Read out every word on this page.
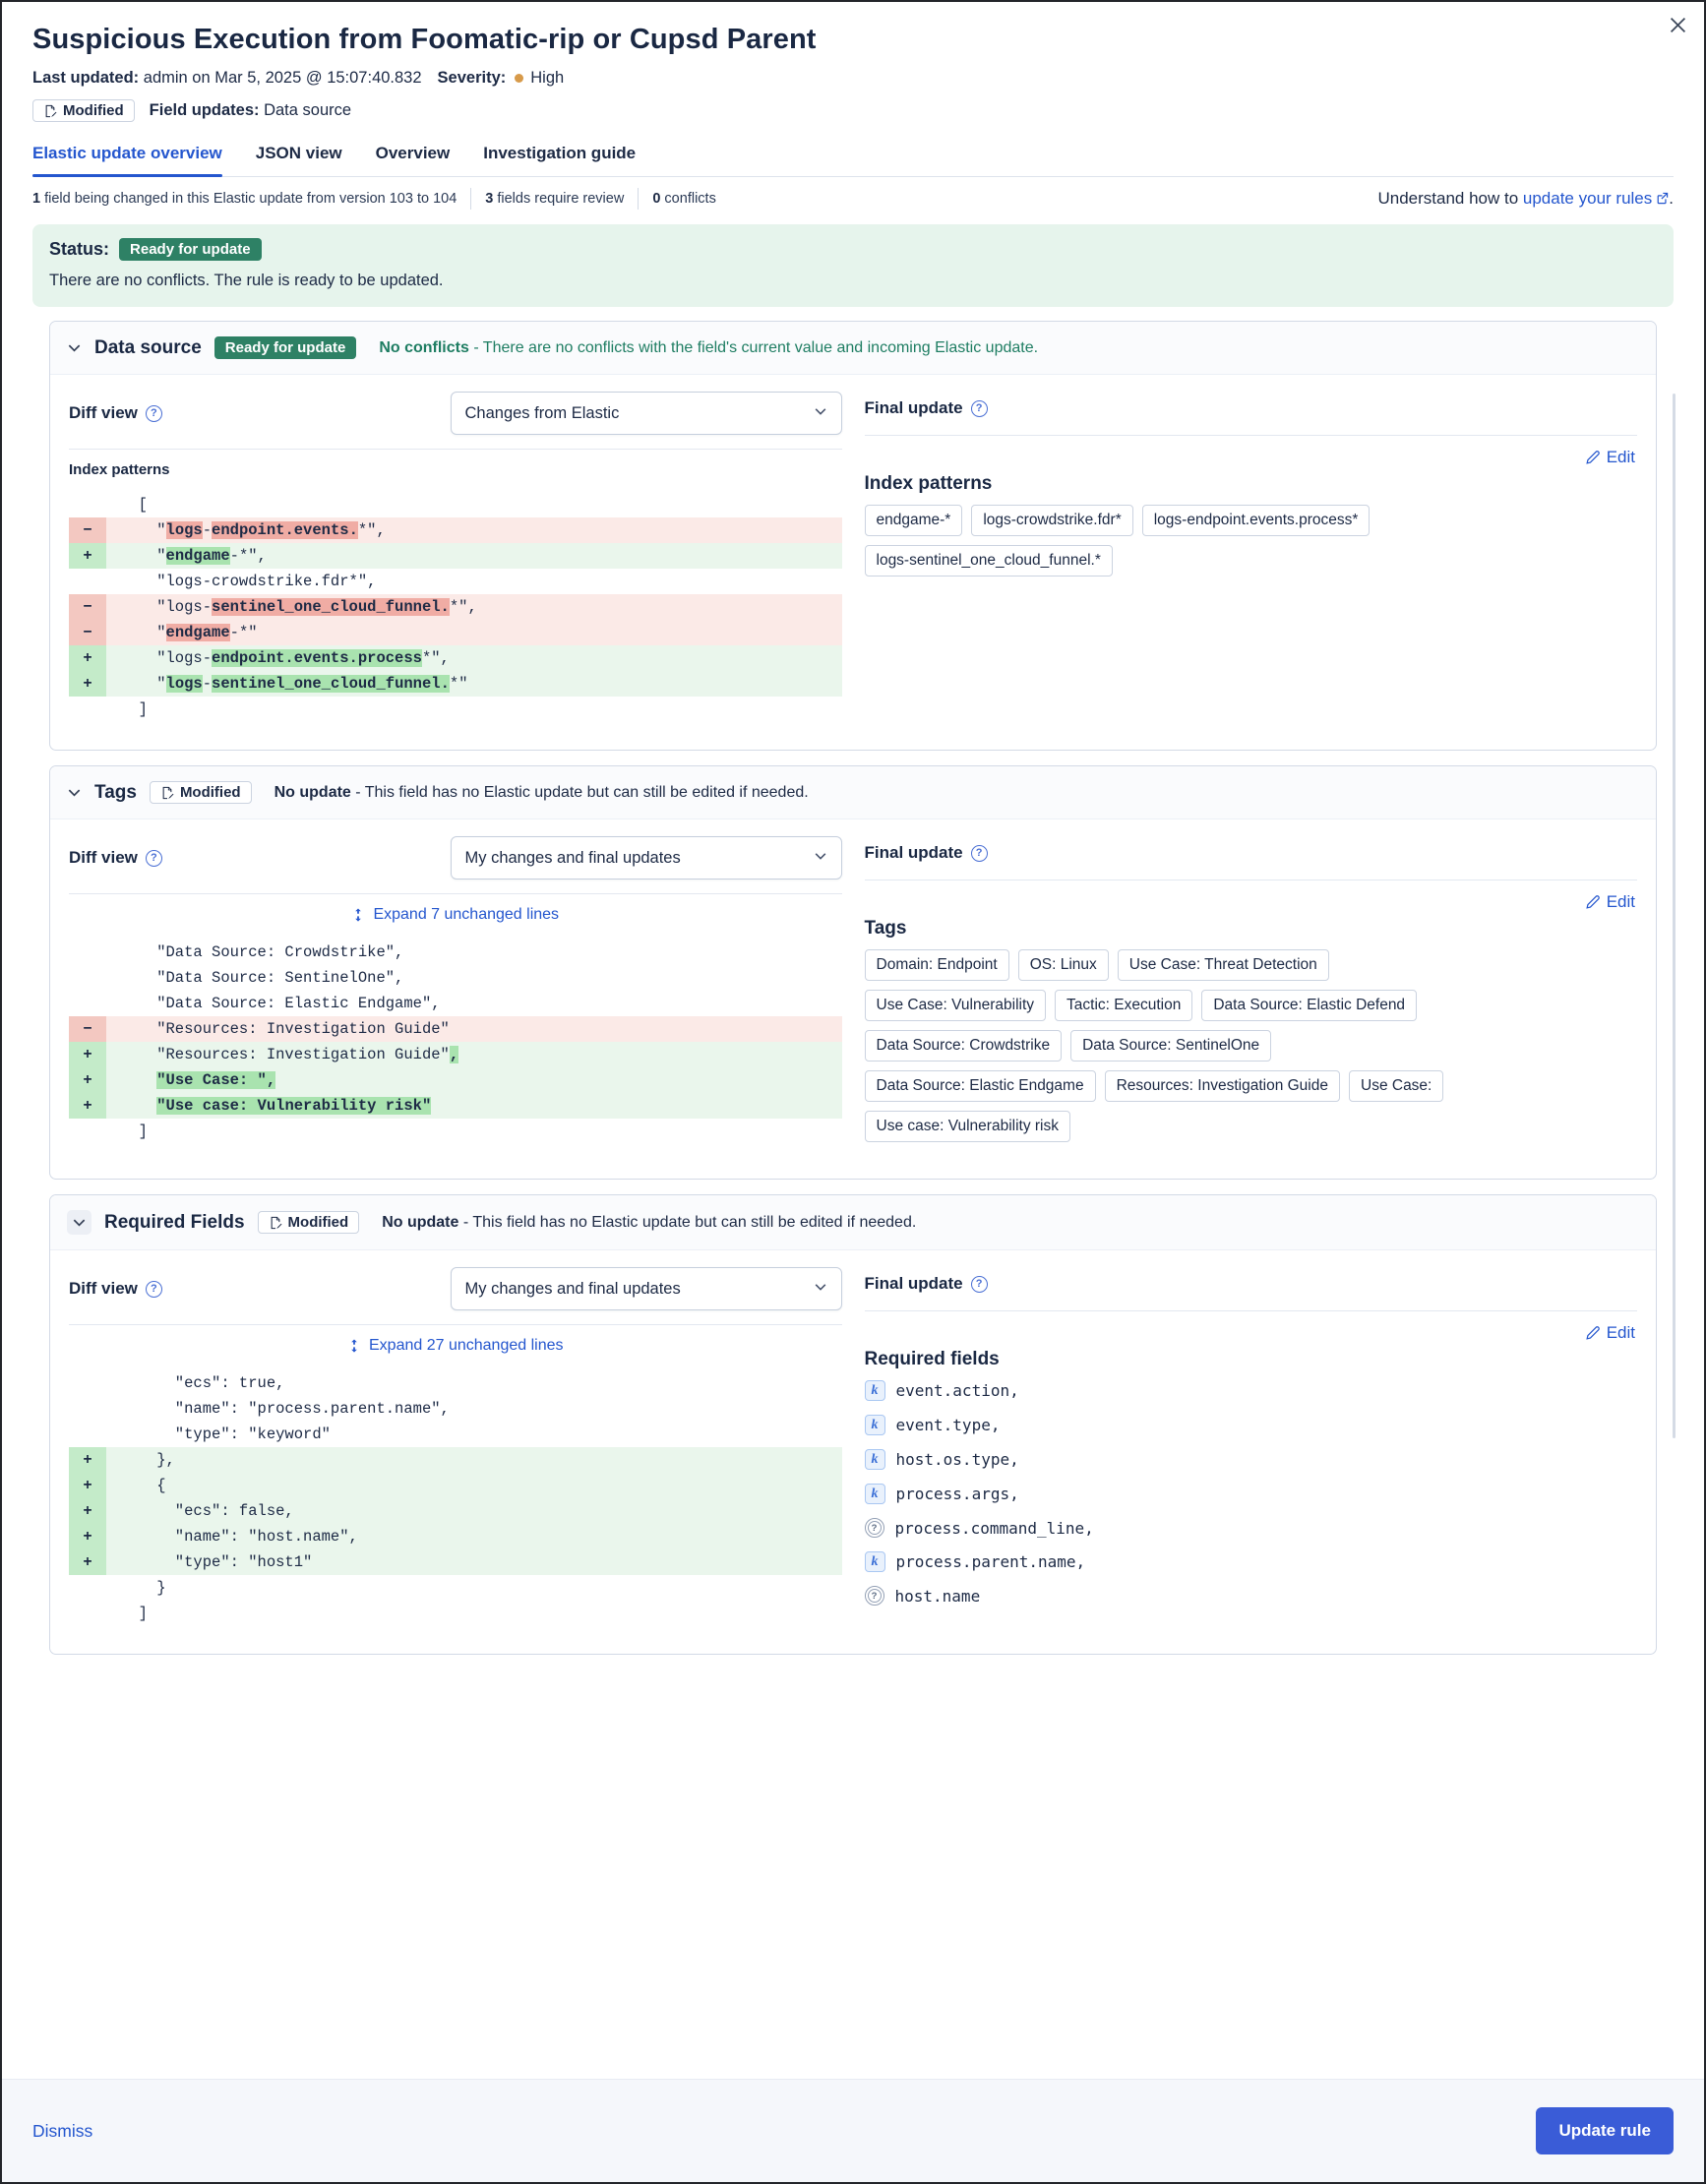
Suspicious Execution from Foomatic-rip or Cupsd Parent
Last updated:
admin on Mar 5, 2025 @ 15:07:40.832 Severity: High
Modified Field updates: Data source
Elastic update overview JSON view Overview Investigation guide
1 field being changed in this Elastic update from version 103 to 104 3 fields require review 0 conflicts	Understand how to update your rules .
Status:	Ready for update
There are no conflicts. The rule is ready to be updated.
Data source	Ready for update	No conflicts - There are no conflicts with the field's current value and incoming Elastic update.
Diff view	?	Changes from Elastic
Index patterns
[
−	"logs-endpoint.events.*",
+	"endgame-*",
"logs-crowdstrike.fdr*",
−	"logs-sentinel_one_cloud_funnel.*",
−	"endgame-*"
+	"logs-endpoint.events.process*",
+	"logs-sentinel_one_cloud_funnel.*"
]
Final update	?
Edit
Index patterns
endgame-*	logs-crowdstrike.fdr*	logs-endpoint.events.process*
logs-sentinel_one_cloud_funnel.*
Tags	Modified No update - This field has no Elastic update but can still be edited if needed.
Diff view	?	My changes and final updates
Expand 7 unchanged lines
"Data Source: Crowdstrike",
"Data Source: SentinelOne",
"Data Source: Elastic Endgame",
−	"Resources: Investigation Guide"
+	"Resources: Investigation Guide",
+	"Use Case: ",
+	"Use case: Vulnerability risk"
]
Final update	?
Edit
Tags
Domain: Endpoint	OS: Linux	Use Case: Threat Detection
Use Case: Vulnerability	Tactic: Execution	Data Source: Elastic Defend
Data Source: Crowdstrike	Data Source: SentinelOne
Data Source: Elastic Endgame	Resources: Investigation Guide	Use Case:
Use case: Vulnerability risk
Required Fields	Modified No update - This field has no Elastic update but can still be edited if needed.
Diff view	?	My changes and final updates
Expand 27 unchanged lines
"ecs": true,
"name": "process.parent.name",
"type": "keyword"
+	},
+	{
+	"ecs": false,
+	"name": "host.name",
+	"type": "host1"
}
]
Final update	?
Edit
Required fields
k	event.action,
k	event.type,
k	host.os.type,
k	process.args,
? process.command_line,
k	process.parent.name,
? host.name
Dismiss	Update rule
